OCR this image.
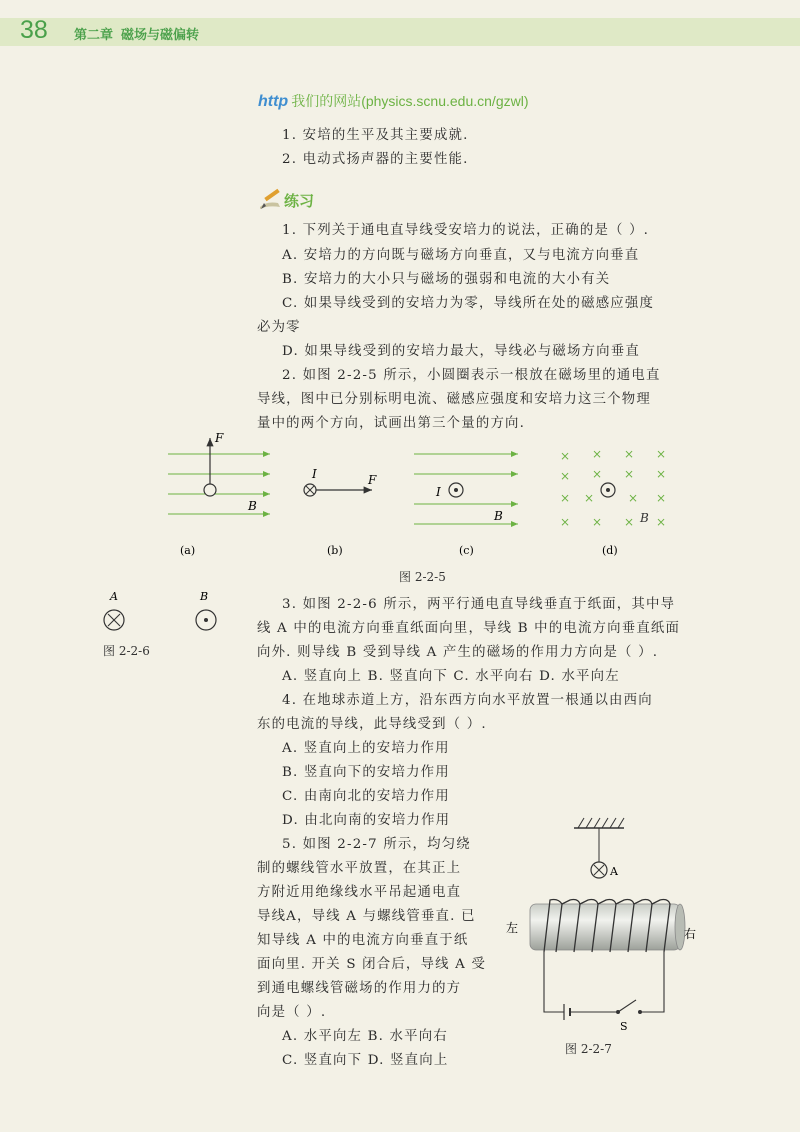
38 第二章 磁场与磁偏转
http 我们的网站(physics.scnu.edu.cn/gzwl)
1. 安培的生平及其主要成就.
2. 电动式扬声器的主要性能.
练习
1. 下列关于通电直导线受安培力的说法，正确的是（ ）.
A. 安培力的方向既与磁场方向垂直，又与电流方向垂直
B. 安培力的大小只与磁场的强弱和电流的大小有关
C. 如果导线受到的安培力为零，导线所在处的磁感应强度
必为零
D. 如果导线受到的安培力最大，导线必与磁场方向垂直
2. 如图 2-2-5 所示，小圆圈表示一根放在磁场里的通电直
导线，图中已分别标明电流、磁感应强度和安培力这三个物理
量中的两个方向，试画出第三个量的方向.
F
B
I	F
I
B
× × × ×
× × × ×
× ×	× ×
× × × ×
B
(a)	(b)	(c)	(d)
图 2-2-5
A	B
图 2-2-6
3. 如图 2-2-6 所示，两平行通电直导线垂直于纸面，其中导
线 A 中的电流方向垂直纸面向里，导线 B 中的电流方向垂直纸面
向外. 则导线 B 受到导线 A 产生的磁场的作用力方向是（ ）.
A. 竖直向上 B. 竖直向下 C. 水平向右 D. 水平向左
4. 在地球赤道上方，沿东西方向水平放置一根通以由西向
东的电流的导线，此导线受到（ ）.
A. 竖直向上的安培力作用
B. 竖直向下的安培力作用
C. 由南向北的安培力作用
D. 由北向南的安培力作用
5. 如图 2-2-7 所示，均匀绕
制的螺线管水平放置，在其正上
方附近用绝缘线水平吊起通电直
导线A，导线 A 与螺线管垂直. 已
知导线 A 中的电流方向垂直于纸
面向里. 开关 S 闭合后，导线 A 受
到通电螺线管磁场的作用力的方
向是（ ）.
A. 水平向左 B. 水平向右
C. 竖直向下 D. 竖直向上
A
左	右
S
图 2-2-7
